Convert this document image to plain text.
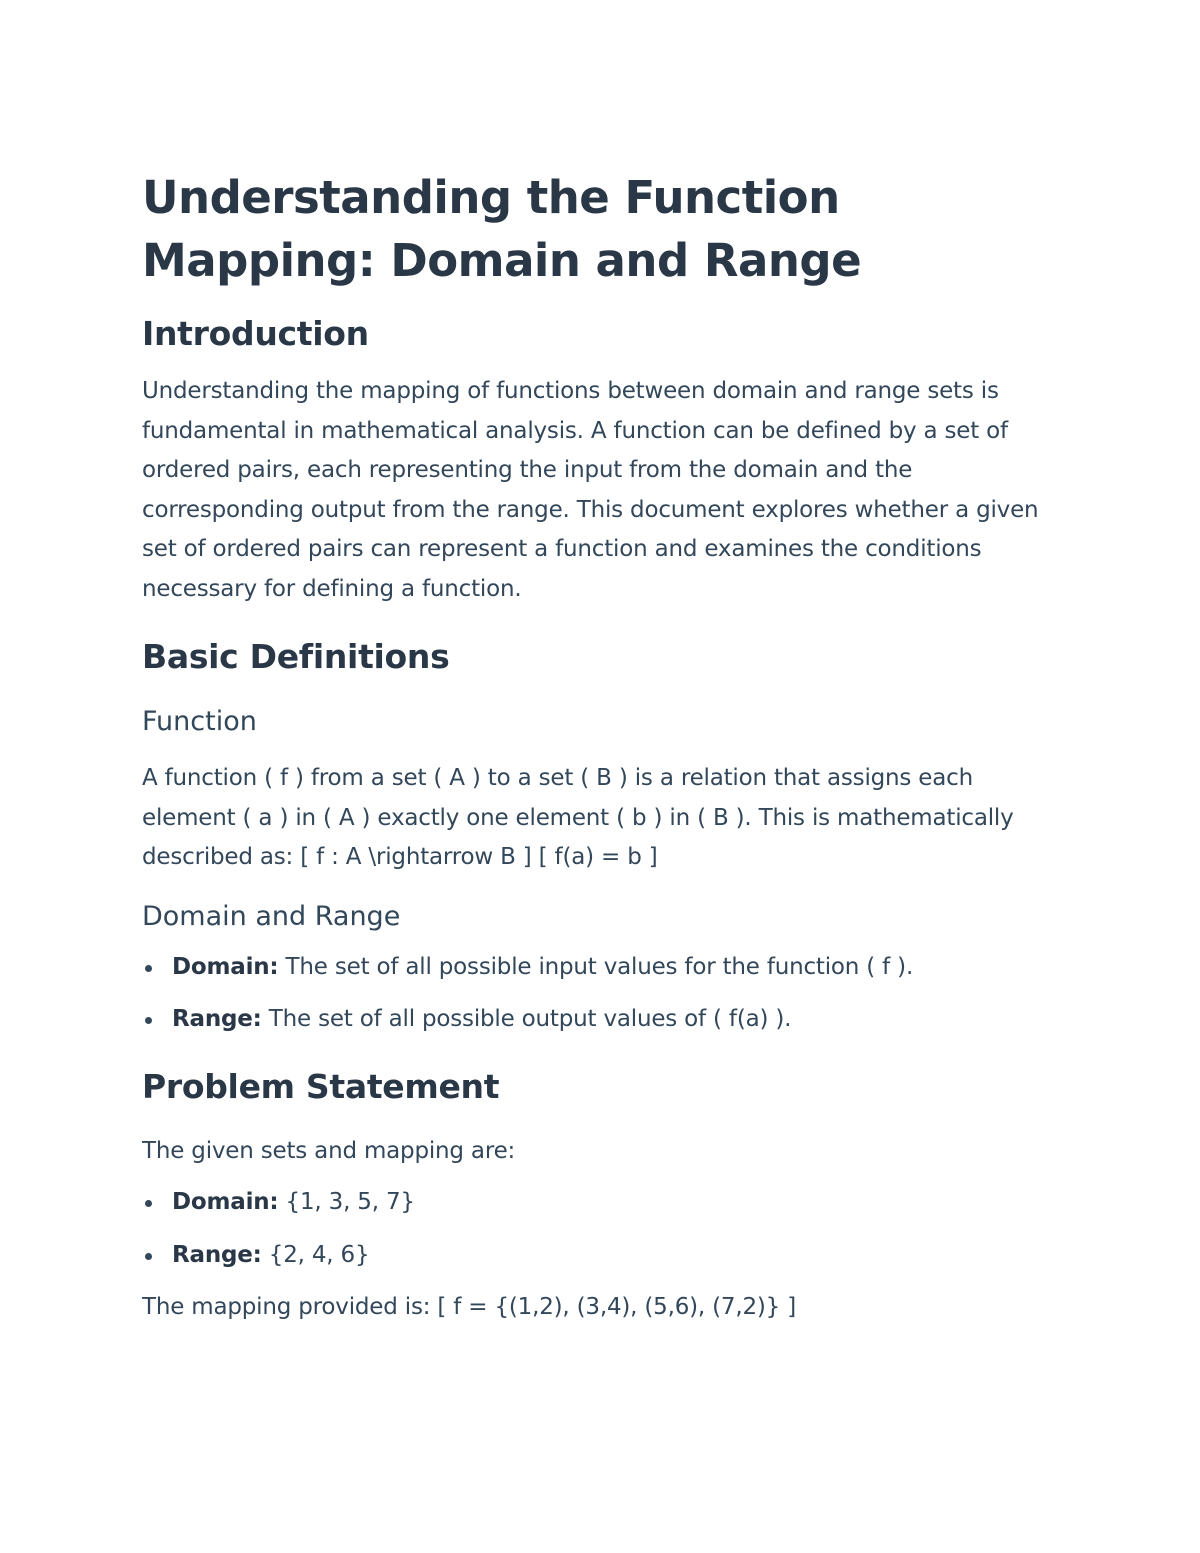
Understanding the Function Mapping: Domain and Range
Introduction

Understanding the mapping of functions between domain and range sets is fundamental in mathematical analysis. A function can be defined by a set of ordered pairs, each representing the input from the domain and the corresponding output from the range. This document explores whether a given set of ordered pairs can represent a function and examines the conditions necessary for defining a function.

Basic Definitions
Function

A function ( f ) from a set ( A ) to a set ( B ) is a relation that assigns each element ( a ) in ( A ) exactly one element ( b ) in ( B ). This is mathematically described as: [ f : A \rightarrow B ] [ f(a) = b ]

Domain and Range
Domain: The set of all possible input values for the function ( f ).
Range: The set of all possible output values of ( f(a) ).
Problem Statement

The given sets and mapping are:

Domain: {1, 3, 5, 7}
Range: {2, 4, 6}

The mapping provided is: [ f = {(1,2), (3,4), (5,6), (7,2)} ]
